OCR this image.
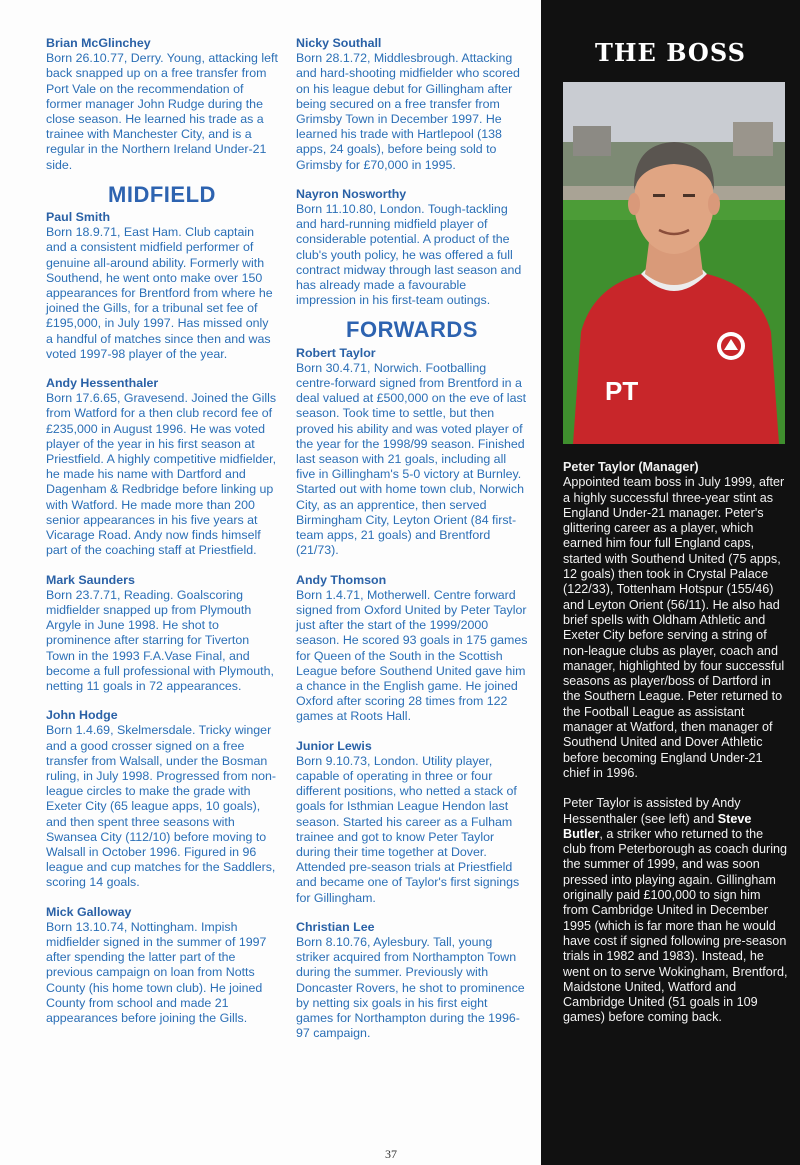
Brian McGlinchey
Born 26.10.77, Derry. Young, attacking left back snapped up on a free transfer from Port Vale on the recommendation of former manager John Rudge during the close season. He learned his trade as a trainee with Manchester City, and is a regular in the Northern Ireland Under-21 side.
MIDFIELD
Paul Smith
Born 18.9.71, East Ham. Club captain and a consistent midfield performer of genuine all-around ability. Formerly with Southend, he went onto make over 150 appearances for Brentford from where he joined the Gills, for a tribunal set fee of £195,000, in July 1997. Has missed only a handful of matches since then and was voted 1997-98 player of the year.
Andy Hessenthaler
Born 17.6.65, Gravesend. Joined the Gills from Watford for a then club record fee of £235,000 in August 1996. He was voted player of the year in his first season at Priestfield. A highly competitive midfielder, he made his name with Dartford and Dagenham & Redbridge before linking up with Watford. He made more than 200 senior appearances in his five years at Vicarage Road. Andy now finds himself part of the coaching staff at Priestfield.
Mark Saunders
Born 23.7.71, Reading. Goalscoring midfielder snapped up from Plymouth Argyle in June 1998. He shot to prominence after starring for Tiverton Town in the 1993 F.A.Vase Final, and become a full professional with Plymouth, netting 11 goals in 72 appearances.
John Hodge
Born 1.4.69, Skelmersdale. Tricky winger and a good crosser signed on a free transfer from Walsall, under the Bosman ruling, in July 1998. Progressed from non-league circles to make the grade with Exeter City (65 league apps, 10 goals), and then spent three seasons with Swansea City (112/10) before moving to Walsall in October 1996. Figured in 96 league and cup matches for the Saddlers, scoring 14 goals.
Mick Galloway
Born 13.10.74, Nottingham. Impish midfielder signed in the summer of 1997 after spending the latter part of the previous campaign on loan from Notts County (his home town club). He joined County from school and made 21 appearances before joining the Gills.
Nicky Southall
Born 28.1.72, Middlesbrough. Attacking and hard-shooting midfielder who scored on his league debut for Gillingham after being secured on a free transfer from Grimsby Town in December 1997. He learned his trade with Hartlepool (138 apps, 24 goals), before being sold to Grimsby for £70,000 in 1995.
Nayron Nosworthy
Born 11.10.80, London. Tough-tackling and hard-running midfield player of considerable potential. A product of the club's youth policy, he was offered a full contract midway through last season and has already made a favourable impression in his first-team outings.
FORWARDS
Robert Taylor
Born 30.4.71, Norwich. Footballing centre-forward signed from Brentford in a deal valued at £500,000 on the eve of last season. Took time to settle, but then proved his ability and was voted player of the year for the 1998/99 season. Finished last season with 21 goals, including all five in Gillingham's 5-0 victory at Burnley. Started out with home town club, Norwich City, as an apprentice, then served Birmingham City, Leyton Orient (84 first-team apps, 21 goals) and Brentford (21/73).
Andy Thomson
Born 1.4.71, Motherwell. Centre forward signed from Oxford United by Peter Taylor just after the start of the 1999/2000 season. He scored 93 goals in 175 games for Queen of the South in the Scottish League before Southend United gave him a chance in the English game. He joined Oxford after scoring 28 times from 122 games at Roots Hall.
Junior Lewis
Born 9.10.73, London. Utility player, capable of operating in three or four different positions, who netted a stack of goals for Isthmian League Hendon last season. Started his career as a Fulham trainee and got to know Peter Taylor during their time together at Dover. Attended pre-season trials at Priestfield and became one of Taylor's first signings for Gillingham.
Christian Lee
Born 8.10.76, Aylesbury. Tall, young striker acquired from Northampton Town during the summer. Previously with Doncaster Rovers, he shot to prominence by netting six goals in his first eight games for Northampton during the 1996-97 campaign.
THE BOSS
PT

Peter Taylor (Manager)
Appointed team boss in July 1999, after a highly successful three-year stint as England Under-21 manager. Peter's glittering career as a player, which earned him four full England caps, started with Southend United (75 apps, 12 goals) then took in Crystal Palace (122/33), Tottenham Hotspur (155/46) and Leyton Orient (56/11). He also had brief spells with Oldham Athletic and Exeter City before serving a string of non-league clubs as player, coach and manager, highlighted by four successful seasons as player/boss of Dartford in the Southern League. Peter returned to the Football League as assistant manager at Watford, then manager of Southend United and Dover Athletic before becoming England Under-21 chief in 1996.

Peter Taylor is assisted by Andy Hessenthaler (see left) and Steve Butler, a striker who returned to the club from Peterborough as coach during the summer of 1999, and was soon pressed into playing again. Gillingham originally paid £100,000 to sign him from Cambridge United in December 1995 (which is far more than he would have cost if signed following pre-season trials in 1982 and 1983). Instead, he went on to serve Wokingham, Brentford, Maidstone United, Watford and Cambridge United (51 goals in 109 games) before coming back.

37
